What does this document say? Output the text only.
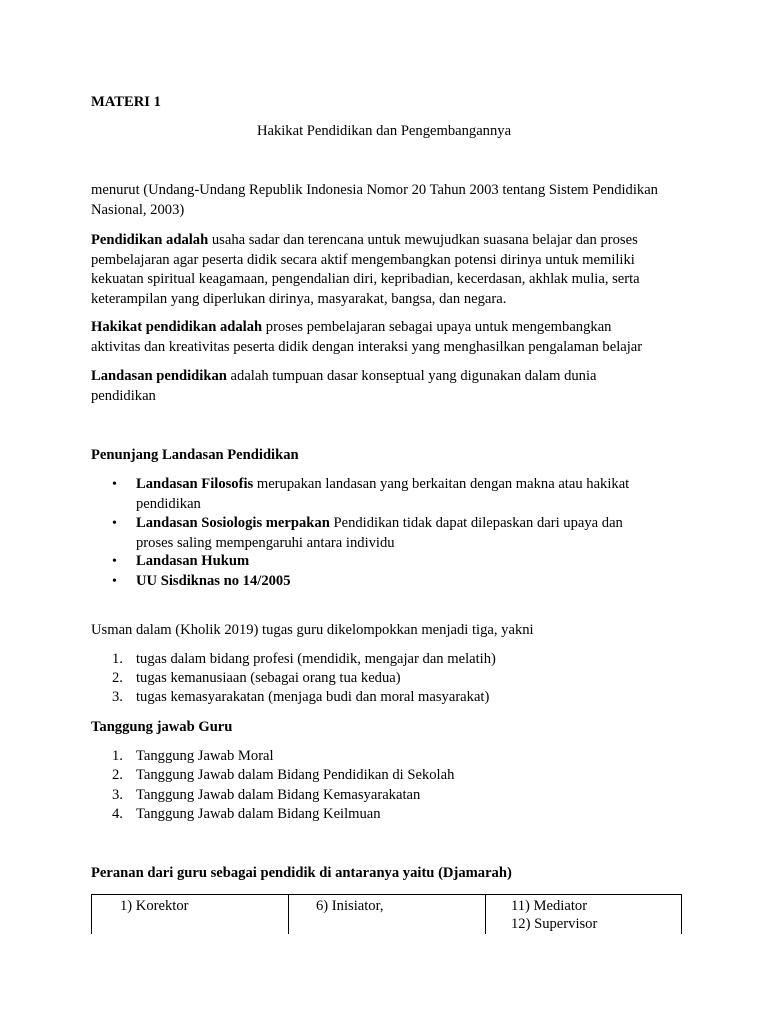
MATERI 1
Hakikat Pendidikan dan Pengembangannya
menurut (Undang-Undang Republik Indonesia Nomor 20 Tahun 2003 tentang Sistem Pendidikan Nasional, 2003)
Pendidikan adalah usaha sadar dan terencana untuk mewujudkan suasana belajar dan proses
pembelajaran agar peserta didik secara aktif mengembangkan potensi dirinya untuk memiliki
kekuatan spiritual keagamaan, pengendalian diri, kepribadian, kecerdasan, akhlak mulia, serta
keterampilan yang diperlukan dirinya, masyarakat, bangsa, dan negara.
Hakikat pendidikan adalah proses pembelajaran sebagai upaya untuk mengembangkan
aktivitas dan kreativitas peserta didik dengan interaksi yang menghasilkan pengalaman belajar
Landasan pendidikan adalah tumpuan dasar konseptual yang digunakan dalam dunia
pendidikan
Penunjang Landasan Pendidikan
• Landasan Filosofis merupakan landasan yang berkaitan dengan makna atau hakikat
pendidikan
• Landasan Sosiologis merpakan Pendidikan tidak dapat dilepaskan dari upaya dan
proses saling mempengaruhi antara individu
• Landasan Hukum
• UU Sisdiknas no 14/2005
Usman dalam (Kholik 2019) tugas guru dikelompokkan menjadi tiga, yakni
1. tugas dalam bidang profesi (mendidik, mengajar dan melatih)
2. tugas kemanusiaan (sebagai orang tua kedua)
3. tugas kemasyarakatan (menjaga budi dan moral masyarakat)
Tanggung jawab Guru
1. Tanggung Jawab Moral
2. Tanggung Jawab dalam Bidang Pendidikan di Sekolah
3. Tanggung Jawab dalam Bidang Kemasyarakatan
4. Tanggung Jawab dalam Bidang Keilmuan
Peranan dari guru sebagai pendidik di antaranya yaitu (Djamarah)
1) Korektor	6) Inisiator,	11) Mediator
12) Supervisor
